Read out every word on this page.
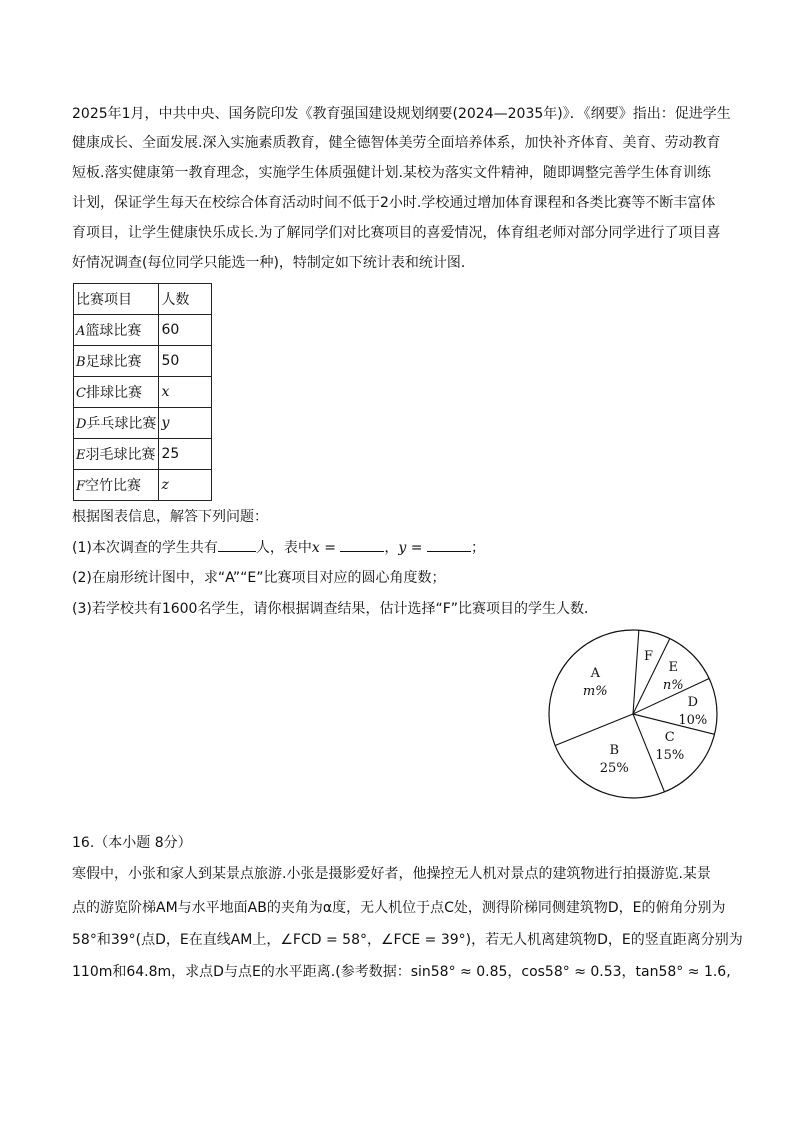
2025年1月，中共中央、国务院印发《教育强国建设规划纲要(2024—2035年)》．《纲要》指出：促进学生
健康成长、全面发展.深入实施素质教育，健全德智体美劳全面培养体系，加快补齐体育、美育、劳动教育
短板.落实健康第一教育理念，实施学生体质强健计划.某校为落实文件精神，随即调整完善学生体育训练
计划，保证学生每天在校综合体育活动时间不低于2小时.学校通过增加体育课程和各类比赛等不断丰富体
育项目，让学生健康快乐成长.为了解同学们对比赛项目的喜爱情况，体育组老师对部分同学进行了项目喜
好情况调查(每位同学只能选一种)，特制定如下统计表和统计图．
比赛项目	人数
A篮球比赛	60
B足球比赛	50
C排球比赛	x
D乒乓球比赛	y
E羽毛球比赛	25
F空竹比赛	z
根据图表信息，解答下列问题：
(1)本次调查的学生共有	人，表中x =	，y =	；
(2)在扇形统计图中，求“A”“E”比赛项目对应的圆心角度数；
(3)若学校共有1600名学生，请你根据调查结果，估计选择“F”比赛项目的学生人数．
A
m%
F
E
n%
D
10%
C
15%
B
25%
16.（本小题 8分）
寒假中，小张和家人到某景点旅游.小张是摄影爱好者，他操控无人机对景点的建筑物进行拍摄游览.某景
点的游览阶梯AM与水平地面AB的夹角为α度，无人机位于点C处，测得阶梯同侧建筑物D，E的俯角分别为
58°和39°(点D，E在直线AM上，∠FCD = 58°，∠FCE = 39°)，若无人机离建筑物D，E的竖直距离分别为
110m和64.8m，求点D与点E的水平距离.(参考数据：sin58° ≈ 0.85，cos58° ≈ 0.53，tan58° ≈ 1.6,
